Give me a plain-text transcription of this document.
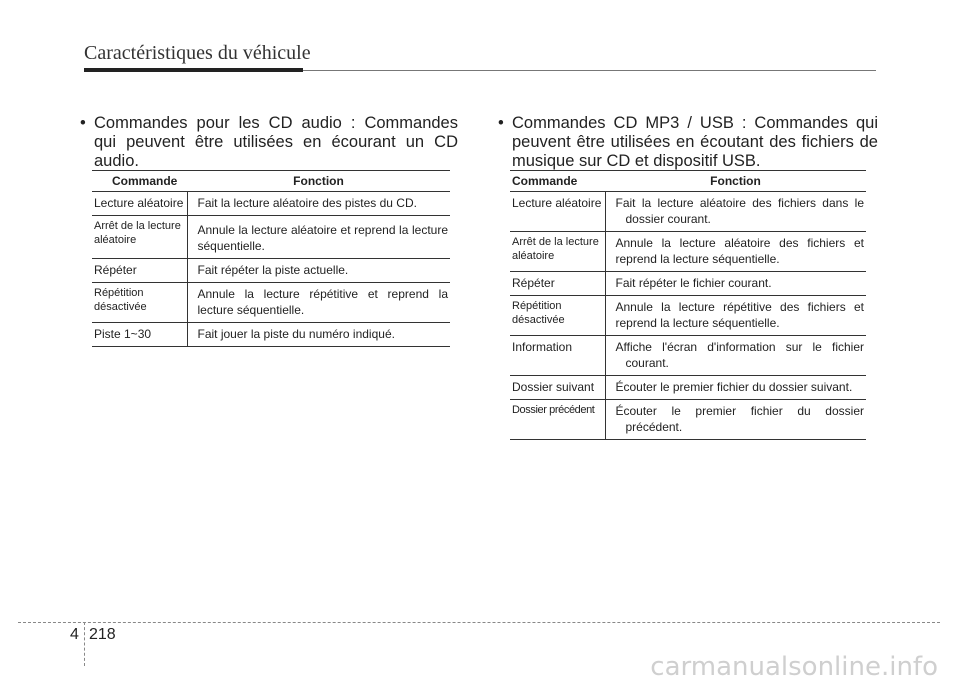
Caractéristiques du véhicule
• Commandes pour les CD audio : Commandes qui peuvent être utilisées en écourant un CD audio.
Commande	Fonction
Lecture aléatoire	Fait la lecture aléatoire des pistes du CD.

Arrêt de la lecture aléatoire	Annule la lecture aléatoire et reprend la lecture séquentielle.
Répéter	Fait répéter la piste actuelle.

Répétition désactivée	Annule la lecture répétitive et reprend la lecture séquentielle.
Piste 1~30	Fait jouer la piste du numéro indiqué.
• Commandes CD MP3 / USB : Commandes qui peuvent être utilisées en écoutant des fichiers de musique sur CD et dispositif USB.
Commande	Fonction
Lecture aléatoire	Fait la lecture aléatoire des fichiers dans le dossier courant.

Arrêt de la lecture aléatoire	Annule la lecture aléatoire des fichiers et reprend la lecture séquentielle.
Répéter	Fait répéter le fichier courant.

Répétition désactivée	Annule la lecture répétitive des fichiers et reprend la lecture séquentielle.
Information	Affiche l'écran d'information sur le fichier courant.

Dossier suivant	Écouter le premier fichier du dossier suivant.

Dossier précédent	Écouter le premier fichier du dossier précédent.
4 218
carmanualsonline.info
